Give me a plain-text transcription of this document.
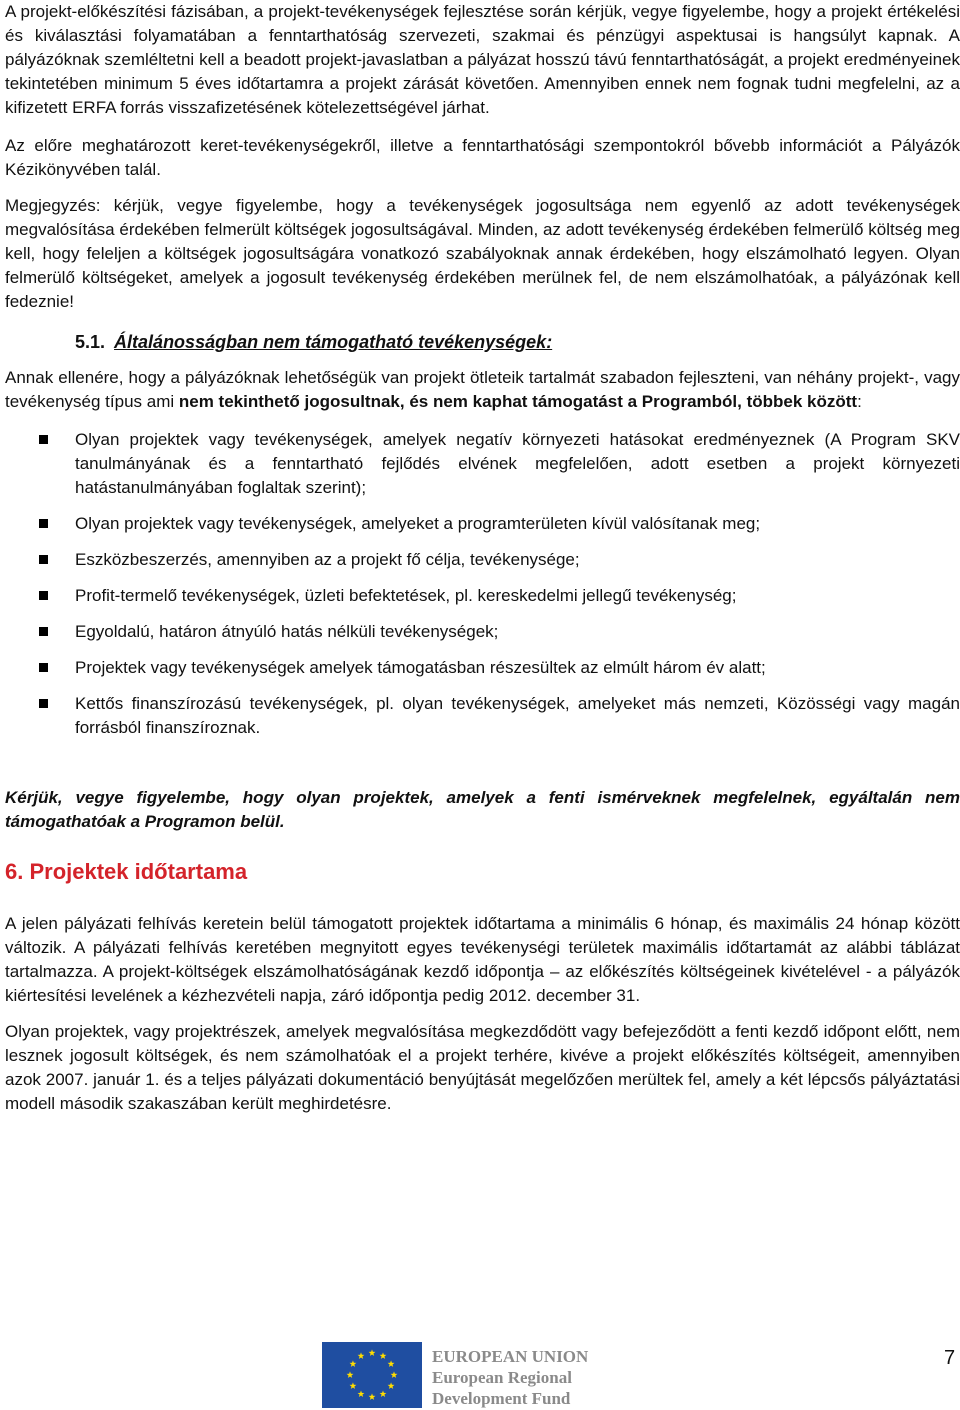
A projekt-előkészítési fázisában, a projekt-tevékenységek fejlesztése során kérjük, vegye figyelembe, hogy a projekt értékelési és kiválasztási folyamatában a fenntarthatóság szervezeti, szakmai és pénzügyi aspektusai is hangsúlyt kapnak. A pályázóknak szemléltetni kell a beadott projekt-javaslatban a pályázat hosszú távú fenntarthatóságát, a projekt eredményeinek tekintetében minimum 5 éves időtartamra a projekt zárását követően. Amennyiben ennek nem fognak tudni megfelelni, az a kifizetett ERFA forrás visszafizetésének kötelezettségével járhat.

Az előre meghatározott keret-tevékenységekről, illetve a fenntarthatósági szempontokról bővebb információt a Pályázók Kézikönyvében talál.

Megjegyzés: kérjük, vegye figyelembe, hogy a tevékenységek jogosultsága nem egyenlő az adott tevékenységek megvalósítása érdekében felmerült költségek jogosultságával. Minden, az adott tevékenység érdekében felmerülő költség meg kell, hogy feleljen a költségek jogosultságára vonatkozó szabályoknak annak érdekében, hogy elszámolható legyen. Olyan felmerülő költségeket, amelyek a jogosult tevékenység érdekében merülnek fel, de nem elszámolhatóak, a pályázónak kell fedeznie!

5.1. Általánosságban nem támogatható tevékenységek:

Annak ellenére, hogy a pályázóknak lehetőségük van projekt ötleteik tartalmát szabadon fejleszteni, van néhány projekt-, vagy tevékenység típus ami nem tekinthető jogosultnak, és nem kaphat támogatást a Programból, többek között:

Olyan projektek vagy tevékenységek, amelyek negatív környezeti hatásokat eredményeznek (A Program SKV tanulmányának és a fenntartható fejlődés elvének megfelelően, adott esetben a projekt környezeti hatástanulmányában foglaltak szerint);
Olyan projektek vagy tevékenységek, amelyeket a programterületen kívül valósítanak meg;
Eszközbeszerzés, amennyiben az a projekt fő célja, tevékenysége;
Profit-termelő tevékenységek, üzleti befektetések, pl. kereskedelmi jellegű tevékenység;
Egyoldalú, határon átnyúló hatás nélküli tevékenységek;
Projektek vagy tevékenységek amelyek támogatásban részesültek az elmúlt három év alatt;
Kettős finanszírozású tevékenységek, pl. olyan tevékenységek, amelyeket más nemzeti, Közösségi vagy magán forrásból finanszíroznak.

Kérjük, vegye figyelembe, hogy olyan projektek, amelyek a fenti ismérveknek megfelelnek, egyáltalán nem támogathatóak a Programon belül.

6. Projektek időtartama

A jelen pályázati felhívás keretein belül támogatott projektek időtartama a minimális 6 hónap, és maximális 24 hónap között változik. A pályázati felhívás keretében megnyitott egyes tevékenységi területek maximális időtartamát az alábbi táblázat tartalmazza. A projekt-költségek elszámolhatóságának kezdő időpontja – az előkészítés költségeinek kivételével - a pályázók kiértesítési levelének a kézhezvételi napja, záró időpontja pedig 2012. december 31.

Olyan projektek, vagy projektrészek, amelyek megvalósítása megkezdődött vagy befejeződött a fenti kezdő időpont előtt, nem lesznek jogosult költségek, és nem számolhatóak el a projekt terhére, kivéve a projekt előkészítés költségeit, amennyiben azok 2007. január 1. és a teljes pályázati dokumentáció benyújtását megelőzően merültek fel, amely a két lépcsős pályáztatási modell második szakaszában került meghirdetésre.

EUROPEAN UNION
European Regional
Development Fund
7
